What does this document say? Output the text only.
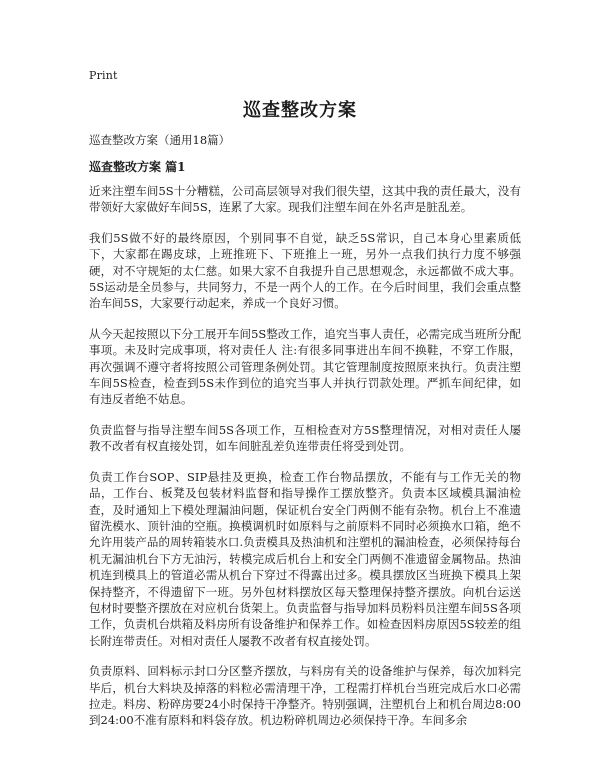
Print
巡查整改方案

巡查整改方案（通用18篇）

巡查整改方案 篇1

近来注塑车间5S十分糟糕，公司高层领导对我们很失望，这其中我的责任最大，没有带领好大家做好车间5S，连累了大家。现我们注塑车间在外名声是脏乱差。

我们5S做不好的最终原因，个别同事不自觉，缺乏5S常识，自己本身心里素质低下，大家都在踢皮球，上班推班下、下班推上一班，另外一点我们执行力度不够强硬，对不守规矩的太仁慈。如果大家不自我提升自己思想观念，永远都做不成大事。5S运动是全员参与，共同努力，不是一两个人的工作。在今后时间里，我们会重点整治车间5S，大家要行动起来，养成一个良好习惯。

从今天起按照以下分工展开车间5S整改工作，追究当事人责任，必需完成当班所分配事项。未及时完成事项，将对责任人 注:有很多同事进出车间不换鞋，不穿工作服，再次强调不遵守者将按照公司管理条例处罚。其它管理制度按照原来执行。负责注塑车间5S检查，检查到5S未作到位的追究当事人并执行罚款处理。严抓车间纪律，如有违反者绝不姑息。

负责监督与指导注塑车间5S各项工作，互相检查对方5S整理情况，对相对责任人屡教不改者有权直接处罚，如车间脏乱差负连带责任将受到处罚。

负责工作台SOP、SIP悬挂及更换，检查工作台物品摆放，不能有与工作无关的物品，工作台、板凳及包装材料监督和指导操作工摆放整齐。负责本区域模具漏油检查，及时通知上下模处理漏油问题，保证机台安全门两侧不能有杂物。机台上不准遗留洗模水、顶针油的空瓶。换模调机时如原料与之前原料不同时必须换水口箱，绝不允许用装产品的周转箱装水口.负责模具及热油机和注塑机的漏油检查，必须保持每台机无漏油机台下方无油污，转模完成后机台上和安全门两侧不准遗留金属物品。热油机连到模具上的管道必需从机台下穿过不得露出过多。模具摆放区当班换下模具上架保持整齐，不得遗留下一班。另外包材料摆放区每天整理保持整齐摆放。向机台运送包材时要整齐摆放在对应机台货架上。负责监督与指导加料员粉料员注塑车间5S各项工作，负责机台烘箱及料房所有设备维护和保养工作。如检查因料房原因5S较差的组长附连带责任。对相对责任人屡教不改者有权直接处罚。

负责原料、回料标示封口分区整齐摆放，与料房有关的设备维护与保养，每次加料完毕后，机台大料块及掉落的料粒必需清理干净，工程需打样机台当班完成后水口必需拉走。料房、粉碎房要24小时保持干净整齐。特别强调，注塑机台上和机台周边8:00到24:00不准有原料和料袋存放。机边粉碎机周边必须保持干净。车间多余
